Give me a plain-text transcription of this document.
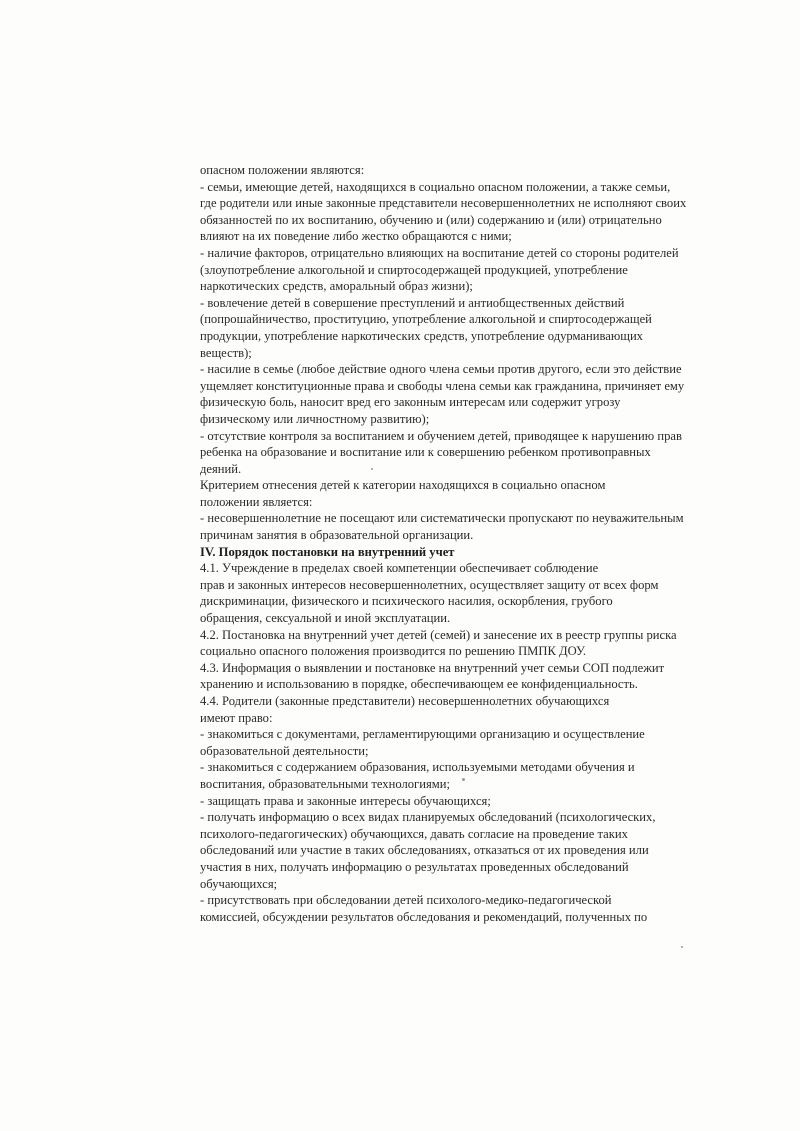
опасном положении являются:
- семьи, имеющие детей, находящихся в социально опасном положении, а также семьи,
где родители или иные законные представители несовершеннолетних не исполняют своих
обязанностей по их воспитанию, обучению и (или) содержанию и (или) отрицательно
влияют на их поведение либо жестко обращаются с ними;
- наличие факторов, отрицательно влияющих на воспитание детей со стороны родителей
(злоупотребление алкогольной и спиртосодержащей продукцией, употребление
наркотических средств, аморальный образ жизни);
- вовлечение детей в совершение преступлений и антиобщественных действий
(попрошайничество, проституцию, употребление алкогольной и спиртосодержащей
продукции, употребление наркотических средств, употребление одурманивающих
веществ);
- насилие в семье (любое действие одного члена семьи против другого, если это действие
ущемляет конституционные права и свободы члена семьи как гражданина, причиняет ему
физическую боль, наносит вред его законным интересам или содержит угрозу
физическому или личностному развитию);
- отсутствие контроля за воспитанием и обучением детей, приводящее к нарушению прав
ребенка на образование и воспитание или к совершению ребенком противоправных
деяний.
Критерием отнесения детей к категории находящихся в социально опасном
положении является:
- несовершеннолетние не посещают или систематически пропускают по неуважительным
причинам занятия в образовательной организации.
IV. Порядок постановки на внутренний учет
4.1. Учреждение в пределах своей компетенции обеспечивает соблюдение
прав и законных интересов несовершеннолетних, осуществляет защиту от всех форм
дискриминации, физического и психического насилия, оскорбления, грубого
обращения, сексуальной и иной эксплуатации.
4.2. Постановка на внутренний учет детей (семей) и занесение их в реестр группы риска
социально опасного положения производится по решению ПМПК ДОУ.
4.3. Информация о выявлении и постановке на внутренний учет семьи СОП подлежит
хранению и использованию в порядке, обеспечивающем ее конфиденциальность.
4.4. Родители (законные представители) несовершеннолетних обучающихся
имеют право:
- знакомиться с документами, регламентирующими организацию и осуществление
образовательной деятельности;
- знакомиться с содержанием образования, используемыми методами обучения и
воспитания, образовательными технологиями;
- защищать права и законные интересы обучающихся;
- получать информацию о всех видах планируемых обследований (психологических,
психолого-педагогических) обучающихся, давать согласие на проведение таких
обследований или участие в таких обследованиях, отказаться от их проведения или
участия в них, получать информацию о результатах проведенных обследований
обучающихся;
- присутствовать при обследовании детей психолого-медико-педагогической
комиссией, обсуждении результатов обследования и рекомендаций, полученных по
